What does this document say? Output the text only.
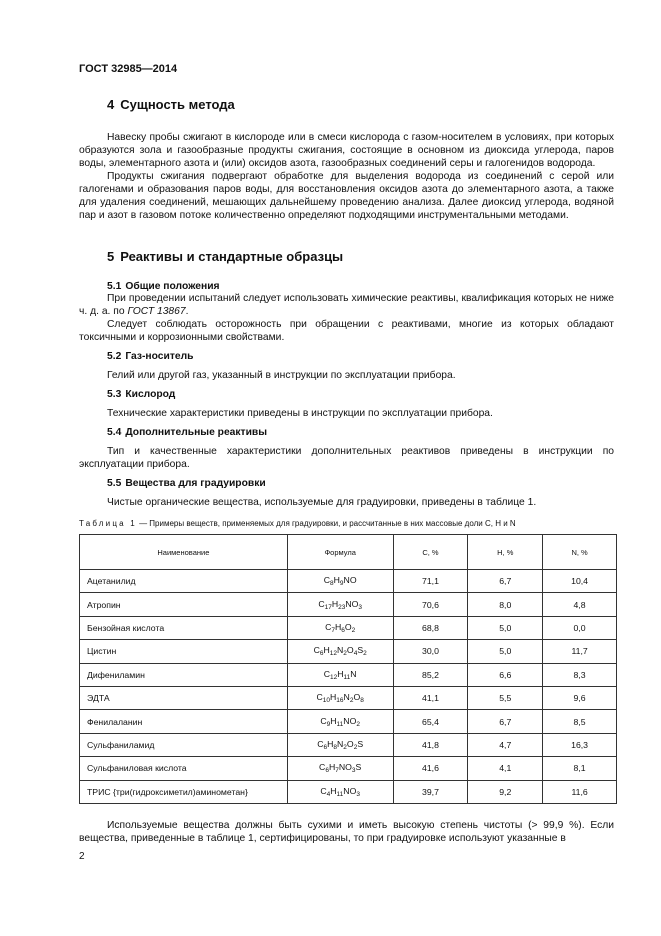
ГОСТ 32985—2014
4 Сущность метода

Навеску пробы сжигают в кислороде или в смеси кислорода с газом-носителем в условиях, при которых образуются зола и газообразные продукты сжигания, состоящие в основном из диоксида углерода, паров воды, элементарного азота и (или) оксидов азота, газообразных соединений серы и галогенидов водорода.

Продукты сжигания подвергают обработке для выделения водорода из соединений с серой или галогенами и образования паров воды, для восстановления оксидов азота до элементарного азота, а также для удаления соединений, мешающих дальнейшему проведению анализа. Далее диоксид углерода, водяной пар и азот в газовом потоке количественно определяют подходящими инструментальными методами.

5 Реактивы и стандартные образцы
5.1 Общие положения

При проведении испытаний следует использовать химические реактивы, квалификация которых не ниже ч. д. а. по ГОСТ 13867.

Следует соблюдать осторожность при обращении с реактивами, многие из которых обладают токсичными и коррозионными свойствами.

5.2 Газ-носитель

Гелий или другой газ, указанный в инструкции по эксплуатации прибора.

5.3 Кислород

Технические характеристики приведены в инструкции по эксплуатации прибора.

5.4 Дополнительные реактивы

Тип и качественные характеристики дополнительных реактивов приведены в инструкции по эксплуатации прибора.

5.5 Вещества для градуировки

Чистые органические вещества, используемые для градуировки, приведены в таблице 1.

Таблица 1 — Примеры веществ, применяемых для градуировки, и рассчитанные в них массовые доли C, H и N
Наименование	Формула	C, %	H, %	N, %
Ацетанилид	$C_8H_9NO$	71,1	6,7	10,4
Атропин	$C_{17}H_{23}NO_3$	70,6	8,0	4,8
Бензойная кислота	$C_7H_6O_2$	68,8	5,0	0,0
Цистин	$C_6H_{12}N_2O_4S_2$	30,0	5,0	11,7
Дифениламин	$C_{12}H_{11}N$	85,2	6,6	8,3
ЭДТА	$C_{10}H_{16}N_2O_8$	41,1	5,5	9,6
Фенилаланин	$C_9H_{11}NO_2$	65,4	6,7	8,5
Сульфаниламид	$C_6H_8N_2O_2S$	41,8	4,7	16,3
Сульфаниловая кислота	$C_6H_7NO_3S$	41,6	4,1	8,1
ТРИС {три(гидроксиметил)аминометан}	$C_4H_{11}NO_3$	39,7	9,2	11,6

Используемые вещества должны быть сухими и иметь высокую степень чистоты (> 99,9 %). Если вещества, приведенные в таблице 1, сертифицированы, то при градуировке используют указанные в

2
